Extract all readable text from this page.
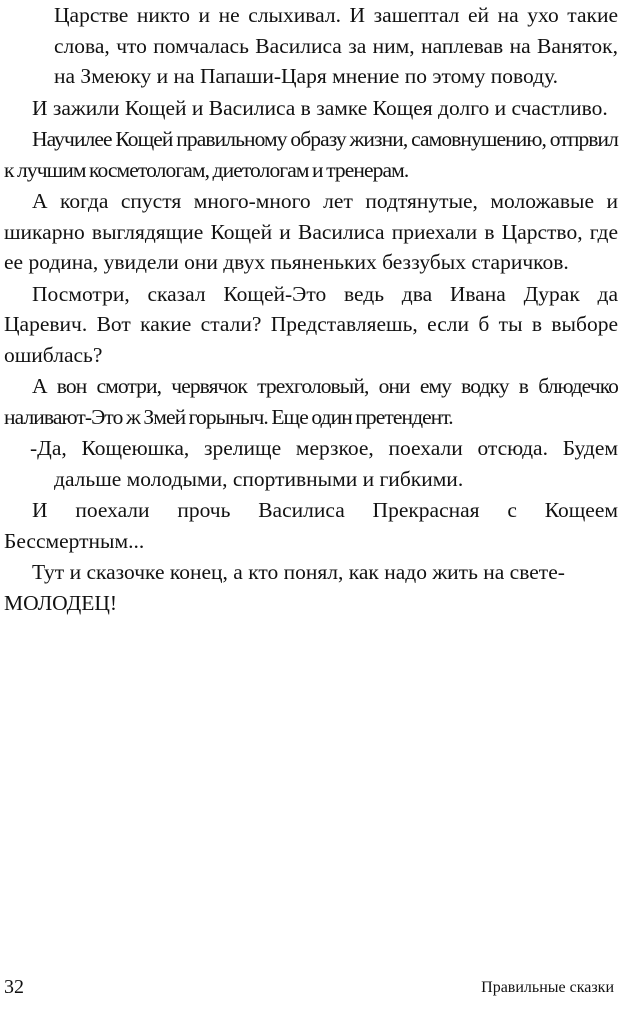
Царстве никто и не слыхивал. И зашептал ей на ухо такие слова, что помчалась Василиса за ним, наплевав на Ваняток, на Змеюку и на Папаши-Царя мнение по этому поводу.

И зажили Кощей и Василиса в замке Кощея долго и счастливо.

Научилее Кощей правильному образу жизни, самовнушению, отпрвил к лучшим косметологам, диетологам и тренерам.

А когда спустя много-много лет подтянутые, моложавые и шикарно выглядящие Кощей и Василиса приехали в Царство, где ее родина, увидели они двух пьяненьких беззубых старичков.

Посмотри, сказал Кощей-Это ведь два Ивана Дурак да Царевич. Вот какие стали? Представляешь, если б ты в выборе ошиблась?

А вон смотри, червячок трехголовый, они ему водку в блюдечко наливают-Это ж Змей горыныч. Еще один претендент.

-Да, Кощеюшка, зрелище мерзкое, поехали отсюда. Будем дальше молодыми, спортивными и гибкими.

И поехали прочь Василиса Прекрасная с Кощеем Бессмертным...

Тут и сказочке конец, а кто понял, как надо жить на свете-МОЛОДЕЦ!

32	Правильные сказки
